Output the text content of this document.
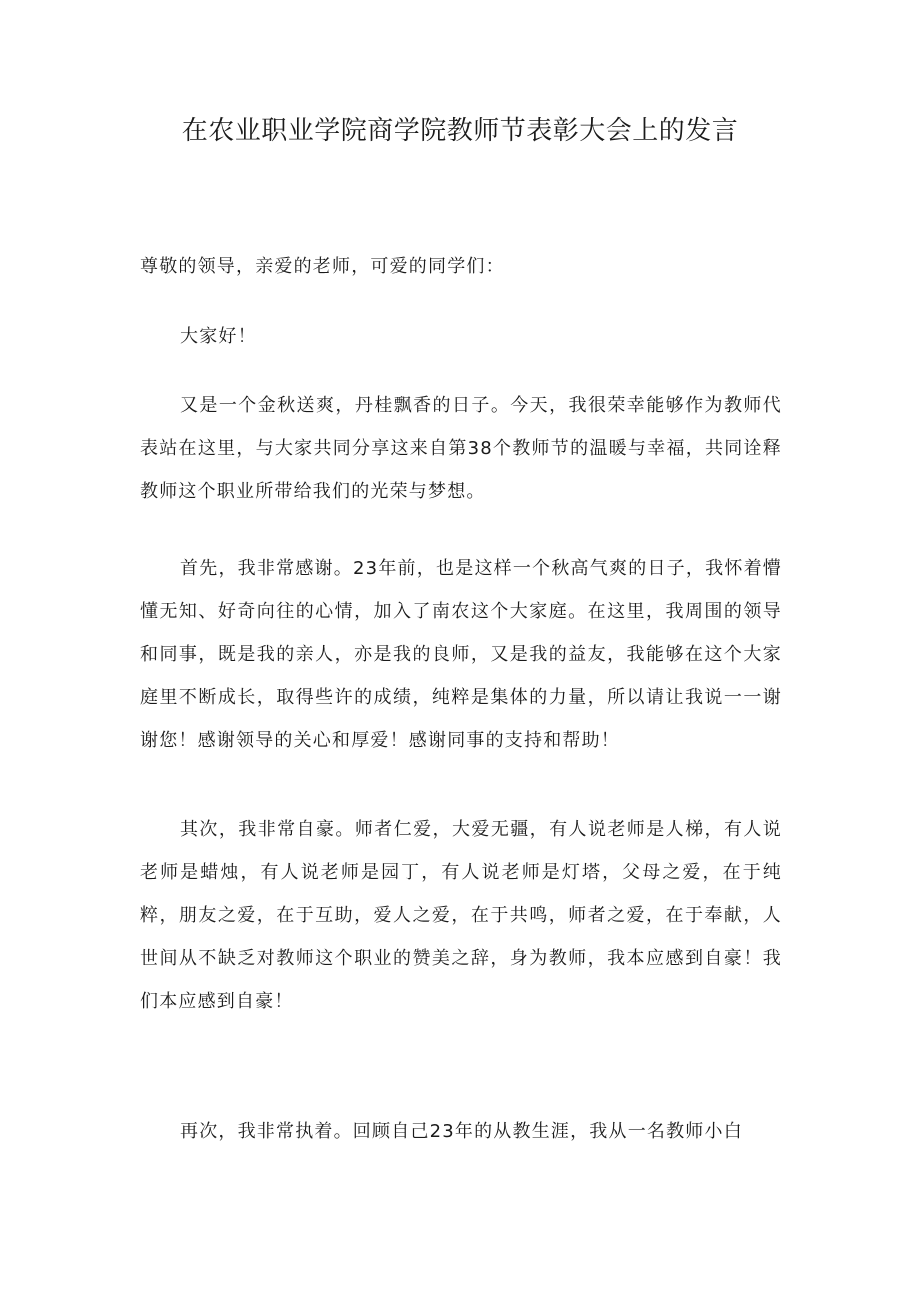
在农业职业学院商学院教师节表彰大会上的发言

尊敬的领导，亲爱的老师，可爱的同学们：

大家好！

又是一个金秋送爽，丹桂飘香的日子。今天，我很荣幸能够作为教师代表站在这里，与大家共同分享这来自第38个教师节的温暖与幸福，共同诠释教师这个职业所带给我们的光荣与梦想。

首先，我非常感谢。23年前，也是这样一个秋高气爽的日子，我怀着懵懂无知、好奇向往的心情，加入了南农这个大家庭。在这里，我周围的领导和同事，既是我的亲人，亦是我的良师，又是我的益友，我能够在这个大家庭里不断成长，取得些许的成绩，纯粹是集体的力量，所以请让我说一一谢谢您！感谢领导的关心和厚爱！感谢同事的支持和帮助！

其次，我非常自豪。师者仁爱，大爱无疆，有人说老师是人梯，有人说老师是蜡烛，有人说老师是园丁，有人说老师是灯塔，父母之爱，在于纯粹，朋友之爱，在于互助，爱人之爱，在于共鸣，师者之爱，在于奉献，人世间从不缺乏对教师这个职业的赞美之辞，身为教师，我本应感到自豪！我们本应感到自豪！

再次，我非常执着。回顾自己23年的从教生涯，我从一名教师小白
